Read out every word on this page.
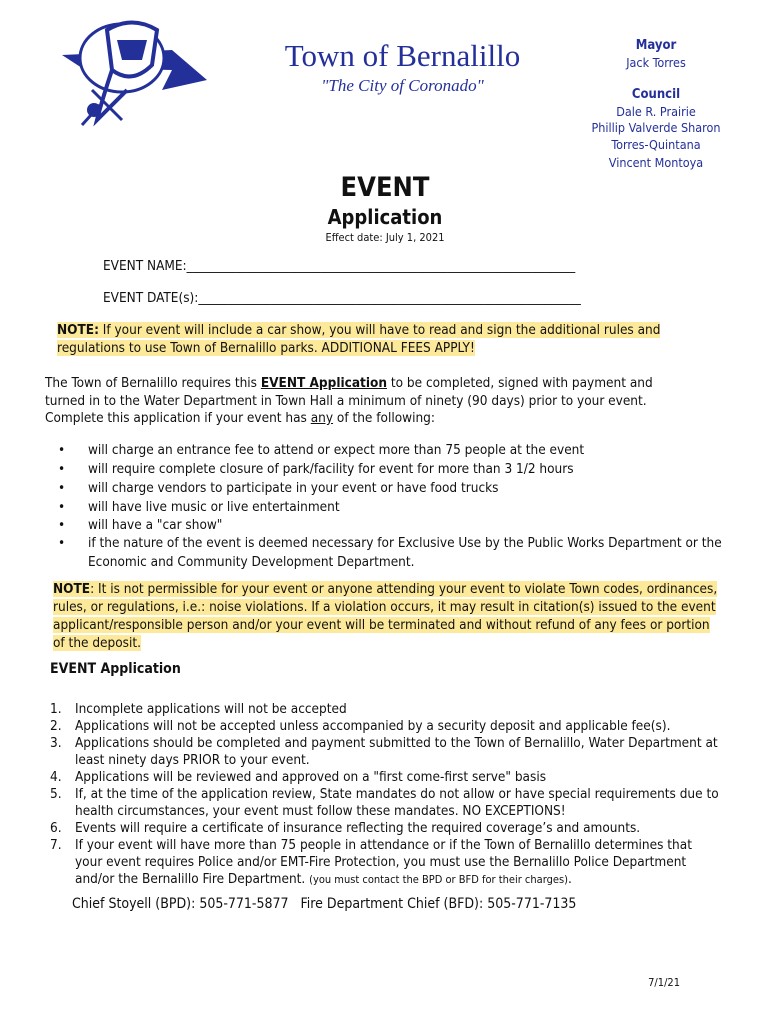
Town of Bernalillo
"The City of Coronado"
Mayor
Jack Torres
Council
Dale R. Prairie
Phillip Valverde Sharon
Torres-Quintana
Vincent Montoya
EVENT
Application
Effect date: July 1, 2021
EVENT NAME:________________________________________________________________
EVENT DATE(s):_______________________________________________________________
NOTE: If your event will include a car show, you will have to read and sign the additional rules and regulations to use Town of Bernalillo parks. ADDITIONAL FEES APPLY!
The Town of Bernalillo requires this EVENT Application to be completed, signed with payment and turned in to the Water Department in Town Hall a minimum of ninety (90 days) prior to your event. Complete this application if your event has any of the following:
• will charge an entrance fee to attend or expect more than 75 people at the event
• will require complete closure of park/facility for event for more than 3 1/2 hours
• will charge vendors to participate in your event or have food trucks
• will have live music or live entertainment
• will have a "car show"
• if the nature of the event is deemed necessary for Exclusive Use by the Public Works Department or the Economic and Community Development Department.
NOTE: It is not permissible for your event or anyone attending your event to violate Town codes, ordinances, rules, or regulations, i.e.: noise violations. If a violation occurs, it may result in citation(s) issued to the event applicant/responsible person and/or your event will be terminated and without refund of any fees or portion of the deposit.
EVENT Application
1. Incomplete applications will not be accepted
2. Applications will not be accepted unless accompanied by a security deposit and applicable fee(s).
3. Applications should be completed and payment submitted to the Town of Bernalillo, Water Department at least ninety days PRIOR to your event.
4. Applications will be reviewed and approved on a "first come-first serve" basis
5. If, at the time of the application review, State mandates do not allow or have special requirements due to health circumstances, your event must follow these mandates. NO EXCEPTIONS!
6. Events will require a certificate of insurance reflecting the required coverage’s and amounts.
7. If your event will have more than 75 people in attendance or if the Town of Bernalillo determines that your event requires Police and/or EMT-Fire Protection, you must use the Bernalillo Police Department and/or the Bernalillo Fire Department. (you must contact the BPD or BFD for their charges).
Chief Stoyell (BPD): 505-771-5877 Fire Department Chief (BFD): 505-771-7135
7/1/21
